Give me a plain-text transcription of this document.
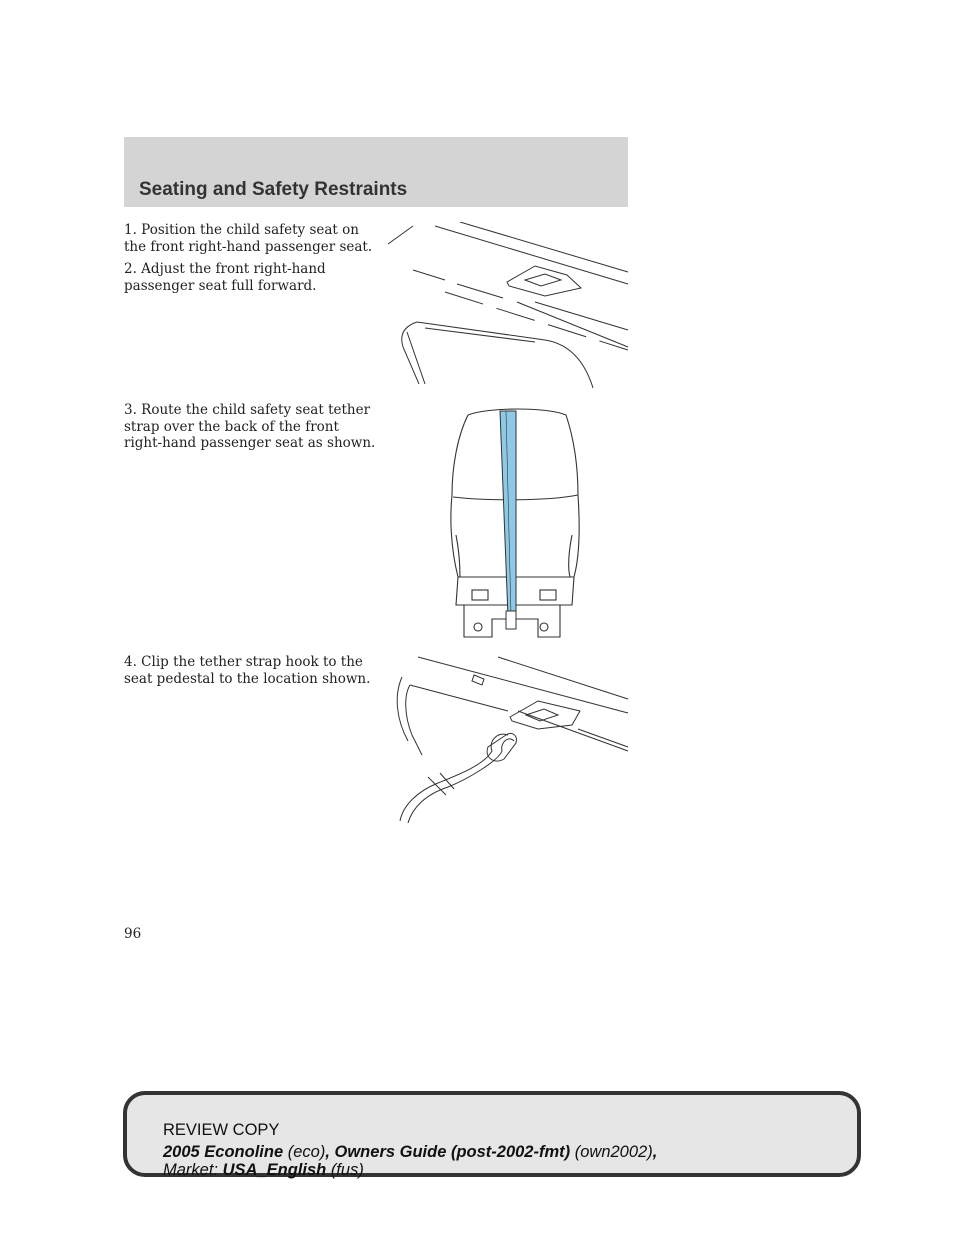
Seating and Safety Restraints
1. Position the child safety seat on the front right-hand passenger seat.
2. Adjust the front right-hand passenger seat full forward.
3. Route the child safety seat tether strap over the back of the front right-hand passenger seat as shown.
4. Clip the tether strap hook to the seat pedestal to the location shown.
96
REVIEW COPY
2005 Econoline (eco), Owners Guide (post-2002-fmt) (own2002),
Market: USA_English (fus)
